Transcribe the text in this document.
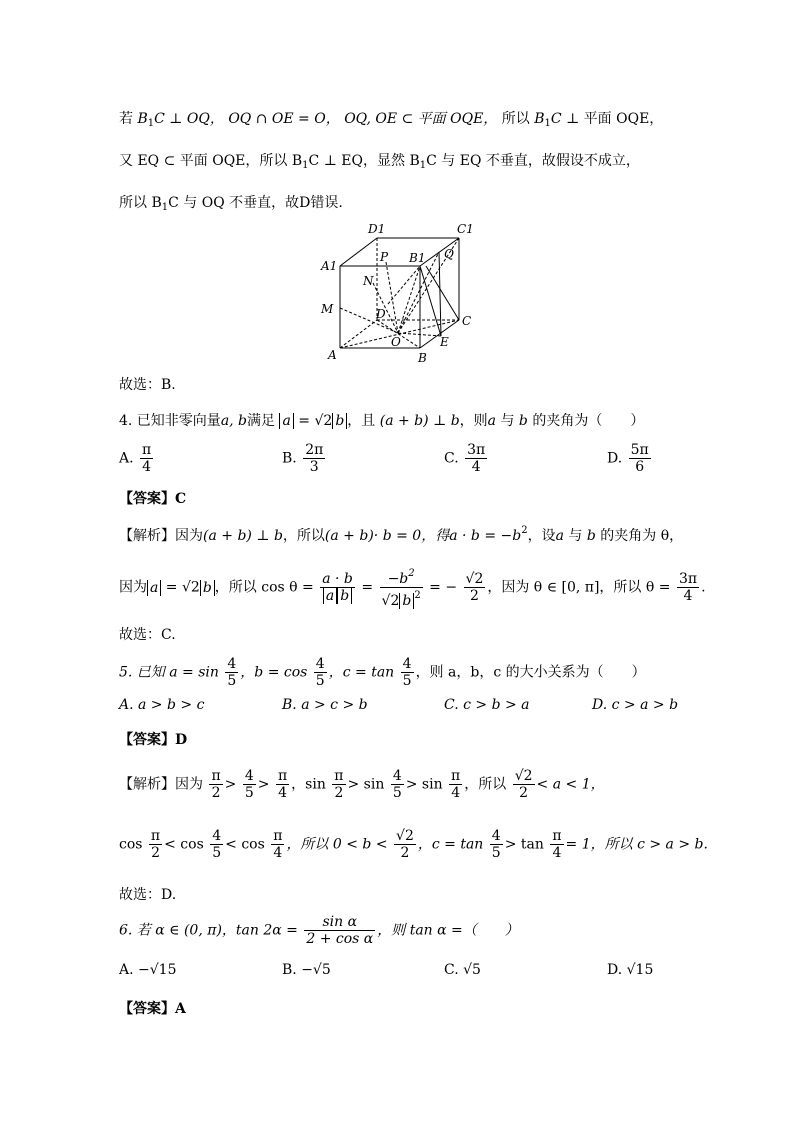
若 $B_1C$ ⊥ OQ， OQ ∩ OE = O， OQ, OE ⊂ 平面 OQE， 所以 $B_1C$ ⊥ 平面 OQE，
又 EQ ⊂ 平面 OQE，所以 $B_1C$ ⊥ EQ，显然 $B_1C$ 与 EQ 不垂直，故假设不成立，
所以 $B_1C$ 与 OQ 不垂直，故D错误.
D1	C1
A1
B1
P	Q
N
M	D	C
O	E
A	B
故选：B.
4. 已知非零向量a, b满足 a = √2 b ，且 (a + b) ⊥ b，则a 与 b 的夹角为（　　）
A. $\frac{\pi}{4}$	B. $\frac{2\pi}{3}$	C. $\frac{3\pi}{4}$	D. $\frac{5\pi}{6}$
【答案】C
【解析】因为(a + b) ⊥ b，所以(a + b)· b = 0，得$a \cdot b = -b^2$，设a 与 b 的夹角为 θ，
因为 a = √2 b ，所以 $\cos \theta = \frac{a \cdot b}{\text{a b}} = \frac{-b^2}{√2 b ^2}$ = − $\frac{√2}{2}$ ，因为 θ ∈ [0, π]，所以 $\theta = \frac{3\pi}{4}$ .
故选：C.
5. 已知 $a = \sin \frac{4}{5}$ ，$b = \cos \frac{4}{5}$ ，$c = \tan \frac{4}{5}$ ，则 a，b，c 的大小关系为（　　）
A. a > b > c	B. a > c > b	C. c > b > a	D. c > a > b
【答案】D
【解析】因为 $\frac{\pi}{2} > \frac{4}{5} > \frac{\pi}{4}$ ，$\sin \frac{\pi}{2} > \sin \frac{4}{5} > \sin \frac{\pi}{4}$ ，所以 $\frac{√2}{2} < a < 1$，
$\cos \frac{\pi}{2} < \cos \frac{4}{5} < \cos \frac{\pi}{4}$ ，所以 $0 < b < \frac{√2}{2}$ ，$c = \tan \frac{4}{5} > \tan \frac{\pi}{4} = 1$，所以 c > a > b.
故选：D.
6. 若 α ∈ (0, π)，$\tan 2\alpha = \frac{\text{sin α}}{\text{2 + cos α}}$ ，则 tan α =（　　）
A. −√15	B. −√5	C. √5	D. √15
【答案】A
